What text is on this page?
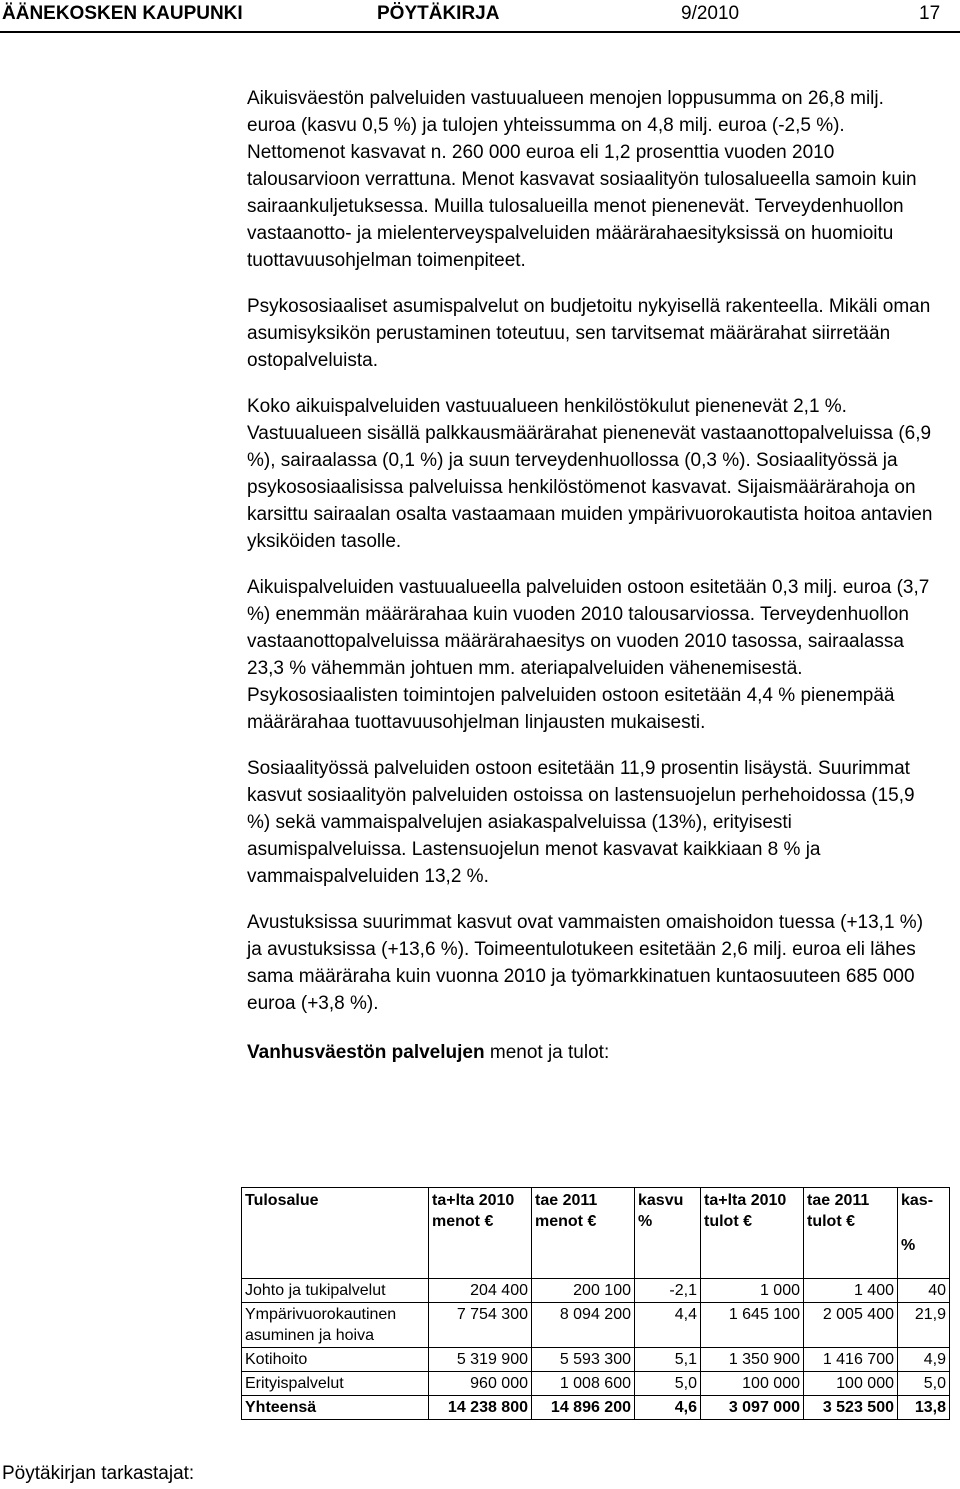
ÄÄNEKOSKEN KAUPUNKI	PÖYTÄKIRJA	9/2010	17

Aikuisväestön palveluiden vastuualueen menojen loppusumma on 26,8 milj. euroa (kasvu 0,5 %) ja tulojen yhteissumma on 4,8 milj. euroa (-2,5 %). Nettomenot kasvavat n. 260 000 euroa eli 1,2 prosenttia vuoden 2010 talousarvioon verrattuna. Menot kasvavat sosiaalityön tulosalueella samoin kuin sairaankuljetuksessa. Muilla tulosalueilla menot pienenevät. Terveydenhuollon vastaanotto- ja mielenterveyspalveluiden määrärahaesityksissä on huomioitu tuottavuusohjelman toimenpiteet.

Psykososiaaliset asumispalvelut on budjetoitu nykyisellä rakenteella. Mikäli oman asumisyksikön perustaminen toteutuu, sen tarvitsemat määrärahat siirretään ostopalveluista.

Koko aikuispalveluiden vastuualueen henkilöstökulut pienenevät 2,1 %. Vastuualueen sisällä palkkausmäärärahat pienenevät vastaanottopalveluissa (6,9 %), sairaalassa (0,1 %) ja suun terveydenhuollossa (0,3 %). Sosiaalityössä ja psykososiaalisissa palveluissa henkilöstömenot kasvavat. Sijaismäärärahoja on karsittu sairaalan osalta vastaamaan muiden ympärivuorokautista hoitoa antavien yksiköiden tasolle.

Aikuispalveluiden vastuualueella palveluiden ostoon esitetään 0,3 milj. euroa (3,7 %) enemmän määrärahaa kuin vuoden 2010 talousarviossa. Terveydenhuollon vastaanottopalveluissa määrärahaesitys on vuoden 2010 tasossa, sairaalassa 23,3 % vähemmän johtuen mm. ateriapalveluiden vähenemisestä. Psykososiaalisten toimintojen palveluiden ostoon esitetään 4,4 % pienempää määrärahaa tuottavuusohjelman linjausten mukaisesti.

Sosiaalityössä palveluiden ostoon esitetään 11,9 prosentin lisäystä. Suurimmat kasvut sosiaalityön palveluiden ostoissa on lastensuojelun perhehoidossa (15,9 %) sekä vammaispalvelujen asiakaspalveluissa (13%), erityisesti asumispalveluissa. Lastensuojelun menot kasvavat kaikkiaan 8 % ja vammaispalveluiden 13,2 %.

Avustuksissa suurimmat kasvut ovat vammaisten omaishoidon tuessa (+13,1 %) ja avustuksissa (+13,6 %). Toimeentulotukeen esitetään 2,6 milj. euroa eli lähes sama määräraha kuin vuonna 2010 ja työmarkkinatuen kuntaosuuteen 685 000 euroa (+3,8 %).

Vanhusväestön palvelujen menot ja tulot:

Tulosalue	ta+lta 2010 menot €	tae 2011 menot €	kasvu %	ta+lta 2010 tulot €	tae 2011 tulot €	kas-
%

Johto ja tukipalvelut	204 400	200 100	-2,1	1 000	1 400	40
Ympärivuorokautinen asuminen ja hoiva	7 754 300	8 094 200	4,4	1 645 100	2 005 400	21,9
Kotihoito	5 319 900	5 593 300	5,1	1 350 900	1 416 700	4,9
Erityispalvelut	960 000	1 008 600	5,0	100 000	100 000	5,0
Yhteensä	14 238 800	14 896 200	4,6	3 097 000	3 523 500	13,8
Pöytäkirjan tarkastajat:
